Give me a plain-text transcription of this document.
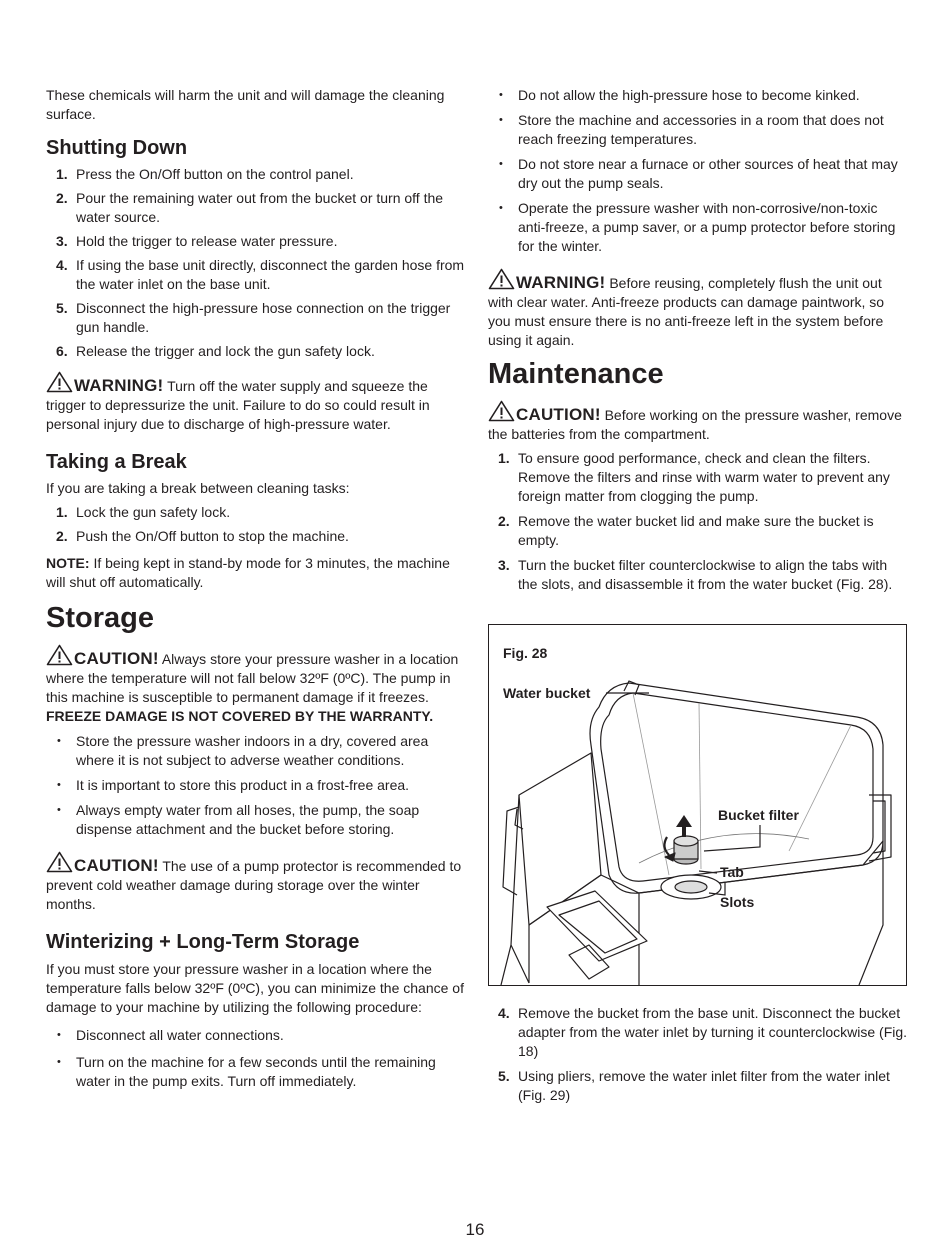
These chemicals will harm the unit and will damage the cleaning surface.

Shutting Down
1. Press the On/Off button on the control panel.
2. Pour the remaining water out from the bucket or turn off the water source.
3. Hold the trigger to release water pressure.
4. If using the base unit directly, disconnect the garden hose from the water inlet on the base unit.
5. Disconnect the high-pressure hose connection on the trigger gun handle.
6. Release the trigger and lock the gun safety lock.

WARNING! Turn off the water supply and squeeze the trigger to depressurize the unit. Failure to do so could result in personal injury due to discharge of high-pressure water.

Taking a Break

If you are taking a break between cleaning tasks:

1. Lock the gun safety lock.
2. Push the On/Off button to stop the machine.

NOTE: If being kept in stand-by mode for 3 minutes, the machine will shut off automatically.

Storage

CAUTION! Always store your pressure washer in a location where the temperature will not fall below 32ºF (0ºC). The pump in this machine is susceptible to permanent damage if it freezes. FREEZE DAMAGE IS NOT COVERED BY THE WARRANTY.

• Store the pressure washer indoors in a dry, covered area where it is not subject to adverse weather conditions.
• It is important to store this product in a frost-free area.
• Always empty water from all hoses, the pump, the soap dispense attachment and the bucket before storing.

CAUTION! The use of a pump protector is recommended to prevent cold weather damage during storage over the winter months.

Winterizing + Long-Term Storage

If you must store your pressure washer in a location where the temperature falls below 32ºF (0ºC), you can minimize the chance of damage to your machine by utilizing the following procedure:

• Disconnect all water connections.
• Turn on the machine for a few seconds until the remaining water in the pump exits. Turn off immediately.
• Do not allow the high-pressure hose to become kinked.
• Store the machine and accessories in a room that does not reach freezing temperatures.
• Do not store near a furnace or other sources of heat that may dry out the pump seals.
• Operate the pressure washer with non-corrosive/non-toxic anti-freeze, a pump saver, or a pump protector before storing for the winter.

WARNING! Before reusing, completely flush the unit out with clear water. Anti-freeze products can damage paintwork, so you must ensure there is no anti-freeze left in the system before using it again.

Maintenance

CAUTION! Before working on the pressure washer, remove the batteries from the compartment.

1. To ensure good performance, check and clean the filters. Remove the filters and rinse with warm water to prevent any foreign matter from clogging the pump.
2. Remove the water bucket lid and make sure the bucket is empty.
3. Turn the bucket filter counterclockwise to align the tabs with the slots, and disassemble it from the water bucket (Fig. 28).
Fig. 28
Water bucket
Bucket filter
Tab
Slots
4. Remove the bucket from the base unit. Disconnect the bucket adapter from the water inlet by turning it counterclockwise (Fig. 18)
5. Using pliers, remove the water inlet filter from the water inlet (Fig. 29)
16
